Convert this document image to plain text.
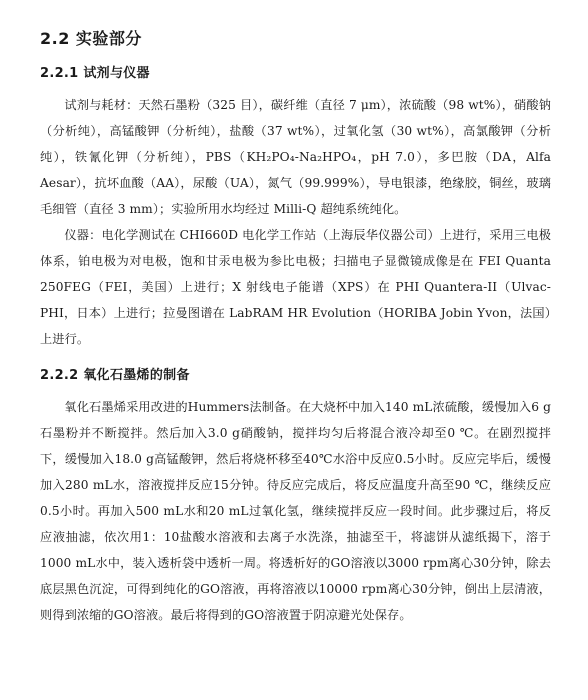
2.2 实验部分
2.2.1 试剂与仪器

试剂与耗材：天然石墨粉（325 目），碳纤维（直径 7 μm），浓硫酸（98 wt%），硝酸钠（分析纯），高锰酸钾（分析纯），盐酸（37 wt%），过氧化氢（30 wt%），高氯酸钾（分析纯），铁氰化钾（分析纯），PBS（KH₂PO₄-Na₂HPO₄，pH 7.0），多巴胺（DA，Alfa Aesar），抗坏血酸（AA），尿酸（UA），氮气（99.999%），导电银漆，绝缘胶，铜丝，玻璃毛细管（直径 3 mm）；实验所用水均经过 Milli-Q 超纯系统纯化。

仪器：电化学测试在 CHI660D 电化学工作站（上海辰华仪器公司）上进行，采用三电极体系，铂电极为对电极，饱和甘汞电极为参比电极；扫描电子显微镜成像是在 FEI Quanta 250FEG（FEI，美国）上进行；X 射线电子能谱（XPS）在 PHI Quantera-II（Ulvac-PHI，日本）上进行；拉曼图谱在 LabRAM HR Evolution（HORIBA Jobin Yvon，法国）上进行。

2.2.2 氧化石墨烯的制备

氧化石墨烯采用改进的Hummers法制备。在大烧杯中加入140 mL浓硫酸，缓慢加入6 g石墨粉并不断搅拌。然后加入3.0 g硝酸钠，搅拌均匀后将混合液冷却至0 ℃。在剧烈搅拌下，缓慢加入18.0 g高锰酸钾，然后将烧杯移至40℃水浴中反应0.5小时。反应完毕后，缓慢加入280 mL水，溶液搅拌反应15分钟。待反应完成后，将反应温度升高至90 ℃，继续反应0.5小时。再加入500 mL水和20 mL过氧化氢，继续搅拌反应一段时间。此步骤过后，将反应液抽滤，依次用1：10盐酸水溶液和去离子水洗涤，抽滤至干，将滤饼从滤纸揭下，溶于1000 mL水中，装入透析袋中透析一周。将透析好的GO溶液以3000 rpm离心30分钟，除去底层黑色沉淀，可得到纯化的GO溶液，再将溶液以10000 rpm离心30分钟，倒出上层清液，则得到浓缩的GO溶液。最后将得到的GO溶液置于阴凉避光处保存。
